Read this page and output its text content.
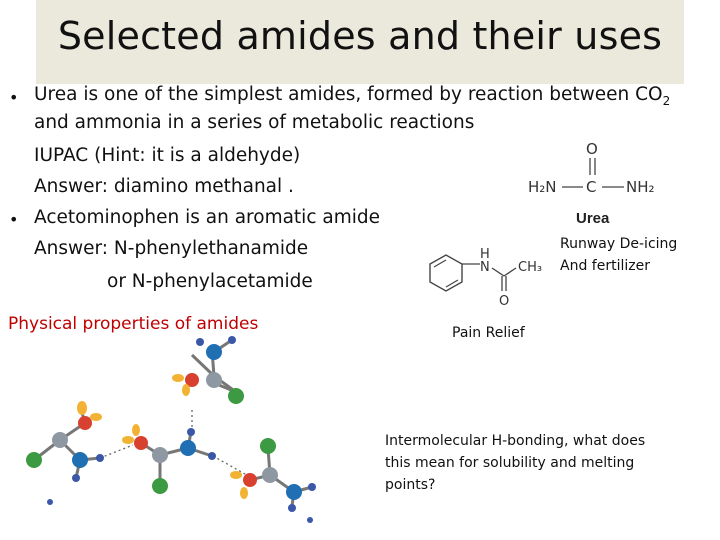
Selected amides and their uses
• Urea is one of the simplest amides, formed by reaction between $CO_2$
and ammonia in a series of metabolic reactions
IUPAC (Hint: it is a aldehyde)
Answer: diamino methanal .
• Acetominophen is an aromatic amide
Answer: N-phenylethanamide
or N-phenylacetamide
Physical properties of amides
O
C
H₂N	NH₂
Urea
H
N CH₃
O
Runway De-icing
And fertilizer
Pain Relief
Intermolecular H-bonding, what does
this mean for solubility and melting
points?
